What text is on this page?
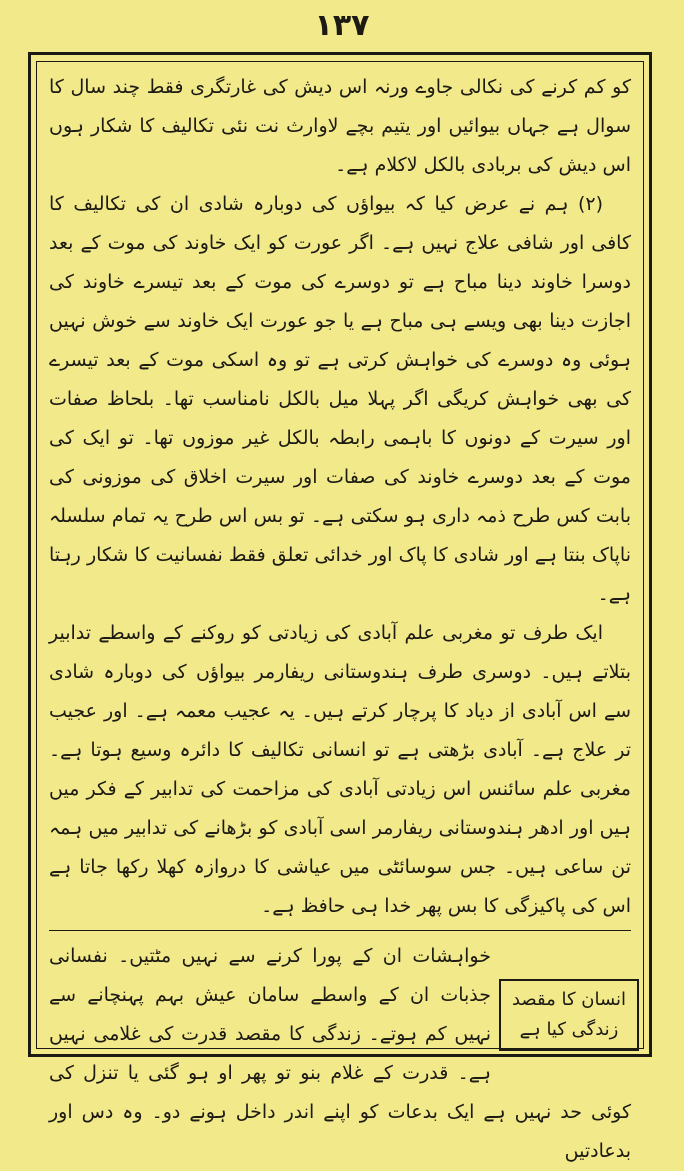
۱۳۷

کو کم کرنے کی نکالی جاوے ورنہ اس دیش کی غارتگری فقط چند سال کا سوال ہے جہاں بیوائیں اور یتیم بچے لاوارث نت نئی تکالیف کا شکار ہوں اس دیش کی بربادی بالکل لاکلام ہے۔

(۲) ہم نے عرض کیا کہ بیواؤں کی دوبارہ شادی ان کی تکالیف کا کافی اور شافی علاج نہیں ہے۔ اگر عورت کو ایک خاوند کی موت کے بعد دوسرا خاوند دینا مباح ہے تو دوسرے کی موت کے بعد تیسرے خاوند کی اجازت دینا بھی ویسے ہی مباح ہے یا جو عورت ایک خاوند سے خوش نہیں ہوئی وہ دوسرے کی خواہش کرتی ہے تو وہ اسکی موت کے بعد تیسرے کی بھی خواہش کریگی اگر پہلا میل بالکل نامناسب تھا۔ بلحاظ صفات اور سیرت کے دونوں کا باہمی رابطہ بالکل غیر موزوں تھا۔ تو ایک کی موت کے بعد دوسرے خاوند کی صفات اور سیرت اخلاق کی موزونی کی بابت کس طرح ذمہ داری ہو سکتی ہے۔ تو بس اس طرح یہ تمام سلسلہ ناپاک بنتا ہے اور شادی کا پاک اور خدائی تعلق فقط نفسانیت کا شکار رہتا ہے۔

ایک طرف تو مغربی علم آبادی کی زیادتی کو روکنے کے واسطے تدابیر بتلاتے ہیں۔ دوسری طرف ہندوستانی ریفارمر بیواؤں کی دوبارہ شادی سے اس آبادی از دیاد کا پرچار کرتے ہیں۔ یہ عجیب معمہ ہے۔ اور عجیب تر علاج ہے۔ آبادی بڑھتی ہے تو انسانی تکالیف کا دائرہ وسیع ہوتا ہے۔ مغربی علم سائنس اس زیادتی آبادی کی مزاحمت کی تدابیر کے فکر میں ہیں اور ادھر ہندوستانی ریفارمر اسی آبادی کو بڑھانے کی تدابیر میں ہمہ تن ساعی ہیں۔ جس سوسائٹی میں عیاشی کا دروازہ کھلا رکھا جاتا ہے اس کی پاکیزگی کا بس پھر خدا ہی حافظ ہے۔

انسان کا مقصد زندگی کیا ہے

خواہشات ان کے پورا کرنے سے نہیں مٹتیں۔ نفسانی جذبات ان کے واسطے سامان عیش بہم پہنچانے سے نہیں کم ہوتے۔ زندگی کا مقصد قدرت کی غلامی نہیں ہے۔ قدرت کے غلام بنو تو پھر او ہو گئی یا تنزل کی کوئی حد نہیں ہے ایک بدعات کو اپنے اندر داخل ہونے دو۔ وہ دس اور بدعادتیں
